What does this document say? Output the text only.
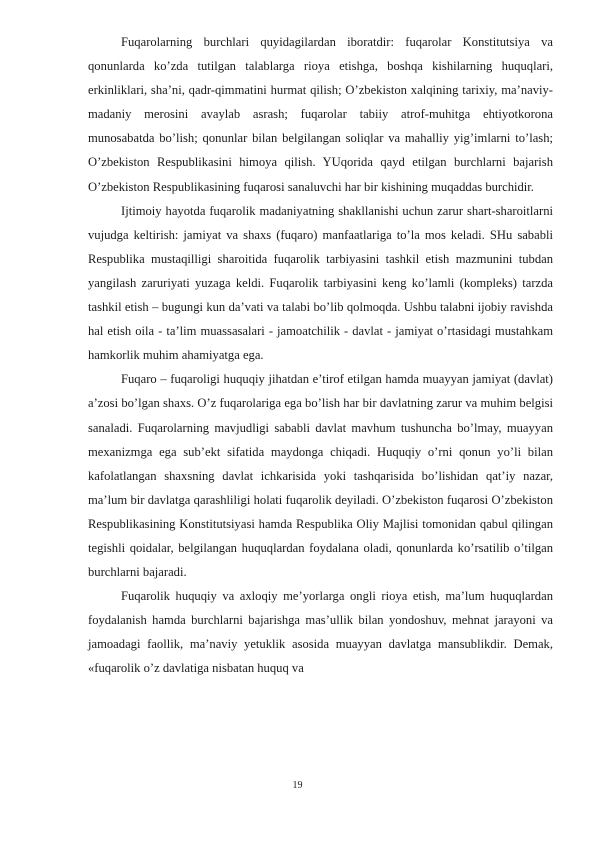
Fuqarolarning burchlari quyidagilardan iboratdir: fuqarolar Konstitutsiya va qonunlarda ko’zda tutilgan talablarga rioya etishga, boshqa kishilarning huquqlari, erkinliklari, sha’ni, qadr-qimmatini hurmat qilish; O’zbekiston xalqining tarixiy, ma’naviy-madaniy merosini avaylab asrash; fuqarolar tabiiy atrof-muhitga ehtiyotkorona munosabatda bo’lish; qonunlar bilan belgilangan soliqlar va mahalliy yig’imlarni to’lash; O’zbekiston Respublikasini himoya qilish. YUqorida qayd etilgan burchlarni bajarish O’zbekiston Respublikasining fuqarosi sanaluvchi har bir kishining muqaddas burchidir.

Ijtimoiy hayotda fuqarolik madaniyatning shakllanishi uchun zarur shart-sharoitlarni vujudga keltirish: jamiyat va shaxs (fuqaro) manfaatlariga to’la mos keladi. SHu sababli Respublika mustaqilligi sharoitida fuqarolik tarbiyasini tashkil etish mazmunini tubdan yangilash zaruriyati yuzaga keldi. Fuqarolik tarbiyasini keng ko’lamli (kompleks) tarzda tashkil etish – bugungi kun da’vati va talabi bo’lib qolmoqda. Ushbu talabni ijobiy ravishda hal etish oila - ta’lim muassasalari - jamoatchilik - davlat - jamiyat o’rtasidagi mustahkam hamkorlik muhim ahamiyatga ega.

Fuqaro – fuqaroligi huquqiy jihatdan e’tirof etilgan hamda muayyan jamiyat (davlat) a’zosi bo’lgan shaxs. O’z fuqarolariga ega bo’lish har bir davlatning zarur va muhim belgisi sanaladi. Fuqarolarning mavjudligi sababli davlat mavhum tushuncha bo’lmay, muayyan mexanizmga ega sub’ekt sifatida maydonga chiqadi. Huquqiy o’rni qonun yo’li bilan kafolatlangan shaxsning davlat ichkarisida yoki tashqarisida bo’lishidan qat’iy nazar, ma’lum bir davlatga qarashliligi holati fuqarolik deyiladi. O’zbekiston fuqarosi O’zbekiston Respublikasining Konstitutsiyasi hamda Respublika Oliy Majlisi tomonidan qabul qilingan tegishli qoidalar, belgilangan huquqlardan foydalana oladi, qonunlarda ko’rsatilib o’tilgan burchlarni bajaradi.

Fuqarolik huquqiy va axloqiy me’yorlarga ongli rioya etish, ma’lum huquqlardan foydalanish hamda burchlarni bajarishga mas’ullik bilan yondoshuv, mehnat jarayoni va jamoadagi faollik, ma’naviy yetuklik asosida muayyan davlatga mansublikdir. Demak, «fuqarolik o’z davlatiga nisbatan huquq va

19
